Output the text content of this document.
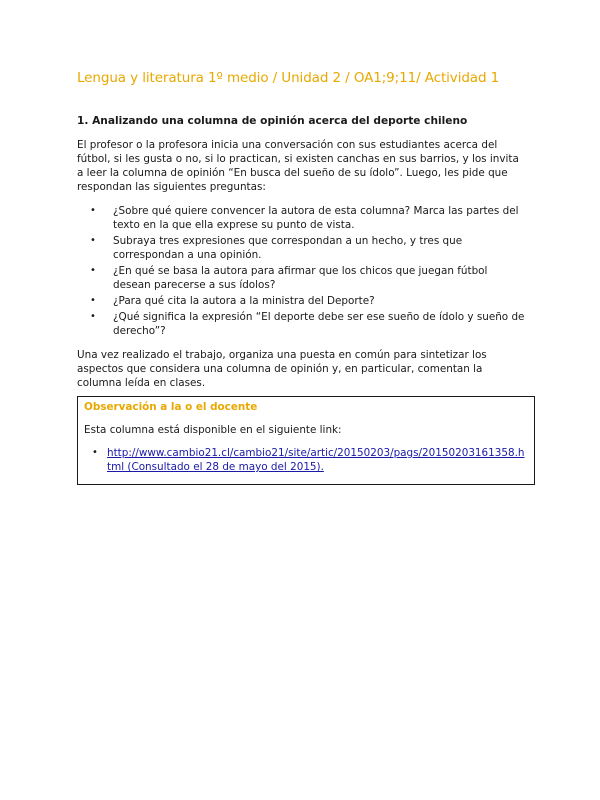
Lengua y literatura 1º medio / Unidad 2 / OA1;9;11/ Actividad 1

1. Analizando una columna de opinión acerca del deporte chileno

El profesor o la profesora inicia una conversación con sus estudiantes acerca del fútbol, si les gusta o no, si lo practican, si existen canchas en sus barrios, y los invita a leer la columna de opinión “En busca del sueño de su ídolo”. Luego, les pide que respondan las siguientes preguntas:

• ¿Sobre qué quiere convencer la autora de esta columna? Marca las partes del texto en la que ella exprese su punto de vista.
• Subraya tres expresiones que correspondan a un hecho, y tres que correspondan a una opinión.
• ¿En qué se basa la autora para afirmar que los chicos que juegan fútbol desean parecerse a sus ídolos?
• ¿Para qué cita la autora a la ministra del Deporte?
• ¿Qué significa la expresión “El deporte debe ser ese sueño de ídolo y sueño de derecho”?

Una vez realizado el trabajo, organiza una puesta en común para sintetizar los aspectos que considera una columna de opinión y, en particular, comentan la columna leída en clases.

Observación a la o el docente

Esta columna está disponible en el siguiente link:

• http://www.cambio21.cl/cambio21/site/artic/20150203/pags/20150203161358.html (Consultado el 28 de mayo del 2015).
